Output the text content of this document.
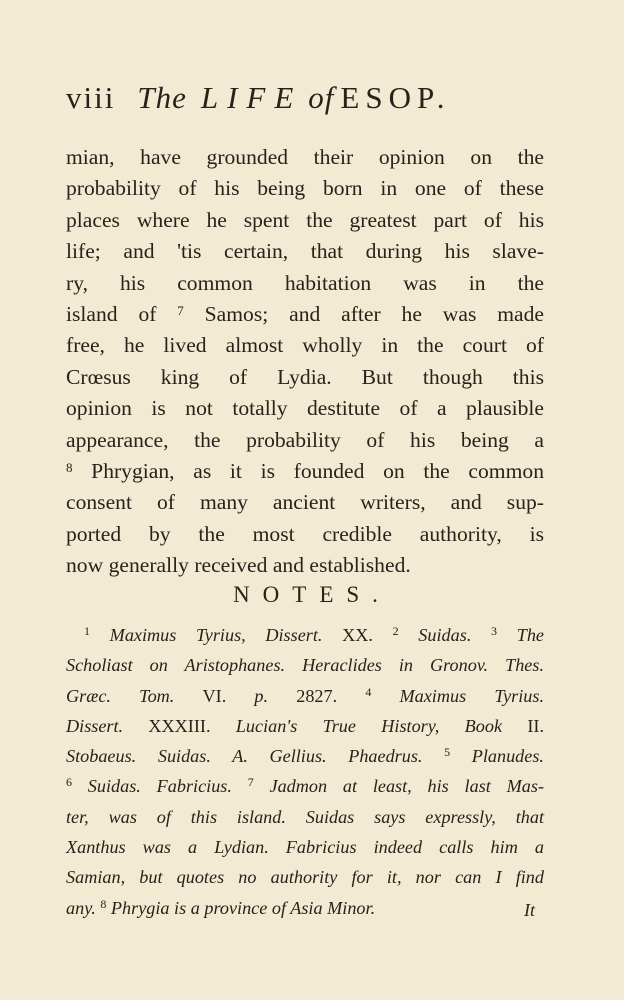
viii The LIFE of ESOP.
mian, have grounded their opinion on the
probability of his being born in one of these
places where he spent the greatest part of his
life; and 'tis certain, that during his slave-
ry, his common habitation was in the
island of $^7$ Samos; and after he was made
free, he lived almost wholly in the court of
Crœsus king of Lydia. But though this
opinion is not totally destitute of a plausible
appearance, the probability of his being a
$^8$ Phrygian, as it is founded on the common
consent of many ancient writers, and sup-
ported by the most credible authority, is
now generally received and established.
NOTES.
$^1$ Maximus Tyrius, Dissert. XX. $^2$ Suidas. $^3$ The
Scholiast on Aristophanes. Heraclides in Gronov. Thes.
Græc. Tom. VI. p. 2827. $^4$ Maximus Tyrius.
Dissert. XXXIII. Lucian's True History, Book II.
Stobaeus. Suidas. A. Gellius. Phaedrus. $^5$ Planudes.
$^6$ Suidas. Fabricius. $^7$ Jadmon at least, his last Mas-
ter, was of this island. Suidas says expressly, that
Xanthus was a Lydian. Fabricius indeed calls him a
Samian, but quotes no authority for it, nor can I find
any. $^8$ Phrygia is a province of Asia Minor.	It
